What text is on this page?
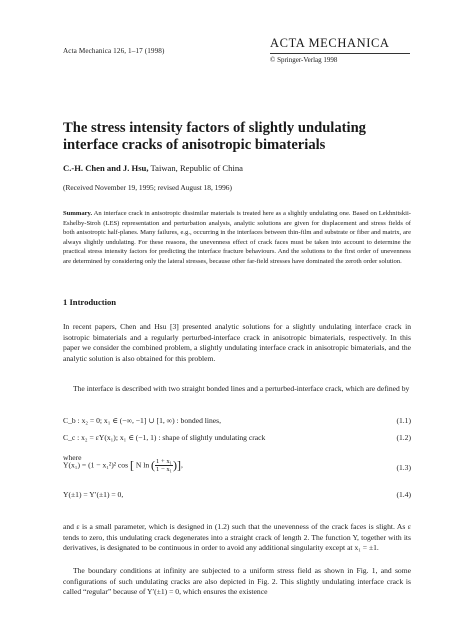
Acta Mechanica 126, 1–17 (1998)
ACTA MECHANICA
© Springer-Verlag 1998
The stress intensity factors of slightly undulating
interface cracks of anisotropic bimaterials
C.-H. Chen and J. Hsu, Taiwan, Republic of China
(Received November 19, 1995; revised August 18, 1996)
Summary. An interface crack in anisotropic dissimilar materials is treated here as a slightly undulating one. Based on Lekhnitskii-Eshelby-Stroh (LES) representation and perturbation analysis, analytic solutions are given for displacement and stress fields of both anisotropic half-planes. Many failures, e.g., occurring in the interfaces between thin-film and substrate or fiber and matrix, are always slightly undulating. For these reasons, the unevenness effect of crack faces must be taken into account to determine the practical stress intensity factors for predicting the interface fracture behaviours. And the solutions to the first order of unevenness are determined by considering only the lateral stresses, because other far-field stresses have dominated the zeroth order solution.
1 Introduction
In recent papers, Chen and Hsu [3] presented analytic solutions for a slightly undulating interface crack in isotropic bimaterials and a regularly perturbed-interface crack in anisotropic bimaterials, respectively. In this paper we consider the combined problem, a slightly undulating interface crack in anisotropic bimaterials, and the analytic solution is also obtained for this problem.
The interface is described with two straight bonded lines and a perturbed-interface crack, which are defined by
C_b : x₂ = 0; x₁ ∈ (−∞, −1] ∪ [1, ∞) : bonded lines,	(1.1)
C_c : x₂ = εY(x₁); x₁ ∈ (−1, 1) : shape of slightly undulating crack	(1.2)
where
Y(x₁) = (1 − x₁²)² cos [ N ln ( $\frac{\text{1 + x₁}}{\text{1 − x₁}}$ )],	(1.3)
Y(±1) = Y′(±1) = 0,	(1.4)
and ε is a small parameter, which is designed in (1.2) such that the unevenness of the crack faces is slight. As ε tends to zero, this undulating crack degenerates into a straight crack of length 2. The function Y, together with its derivatives, is designated to be continuous in order to avoid any additional singularity except at x₁ = ±1.
The boundary conditions at infinity are subjected to a uniform stress field as shown in Fig. 1, and some configurations of such undulating cracks are also depicted in Fig. 2. This slightly undulating interface crack is called “regular” because of Y′(±1) = 0, which ensures the existence
